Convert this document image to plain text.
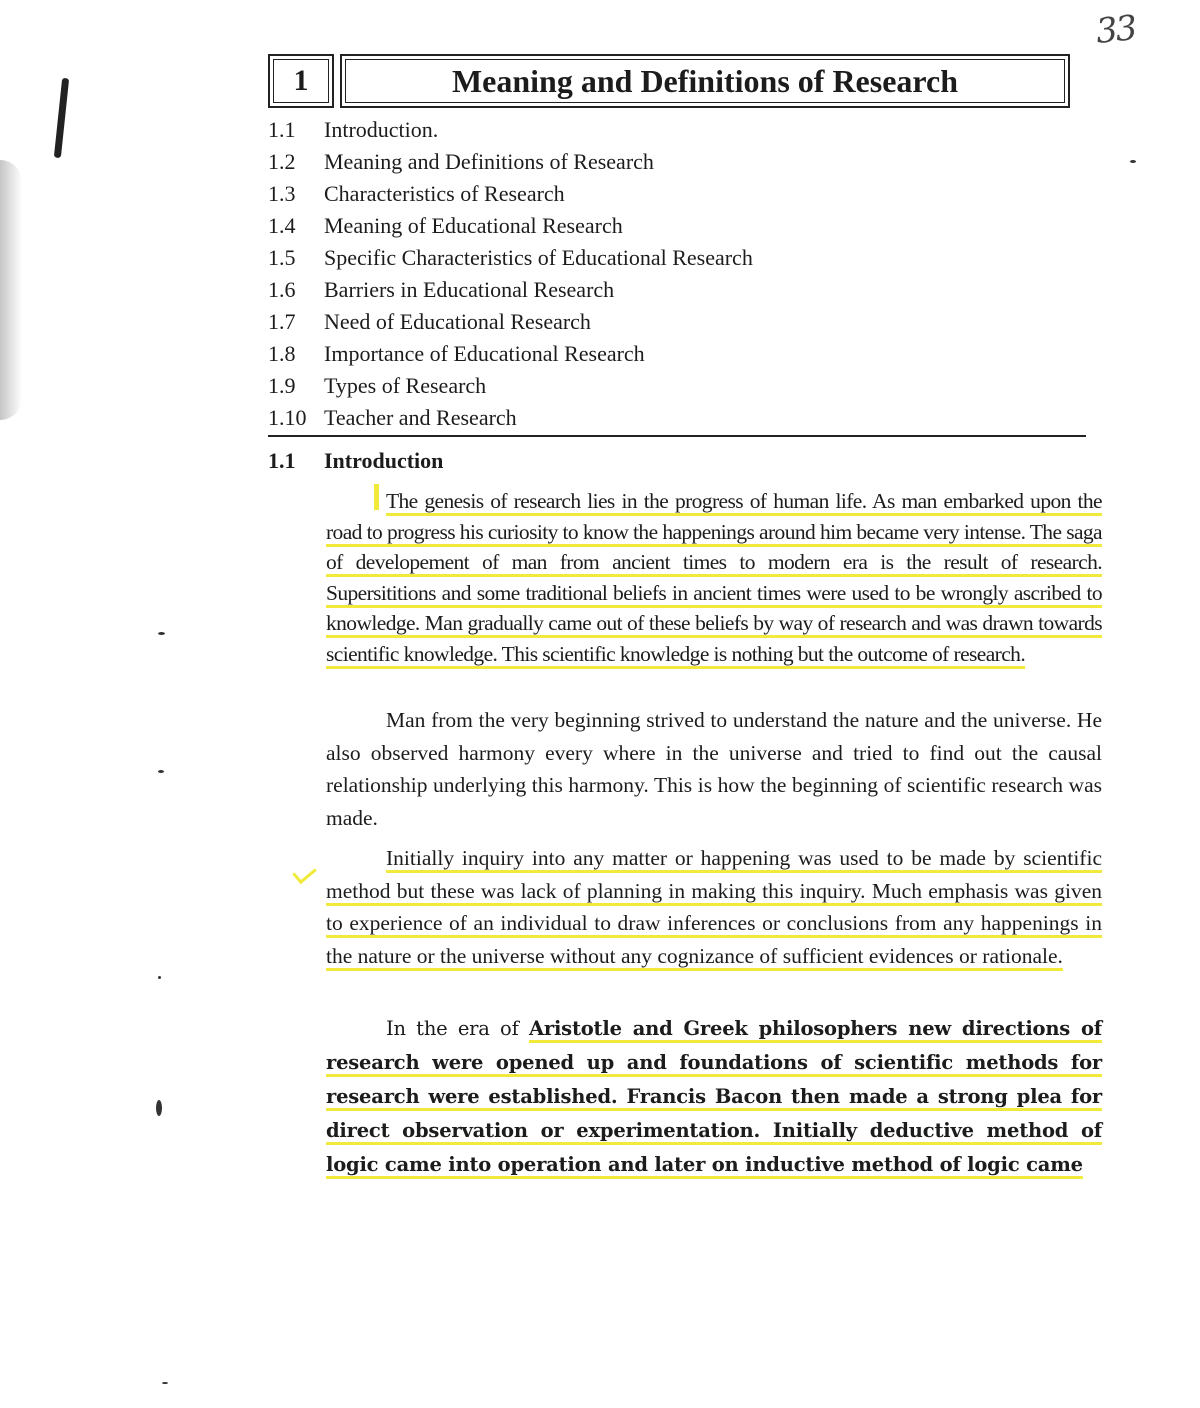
33
1	Meaning and Definitions of Research
1.1	Introduction.
1.2	Meaning and Definitions of Research
1.3	Characteristics of Research
1.4	Meaning of Educational Research
1.5	Specific Characteristics of Educational Research
1.6	Barriers in Educational Research
1.7	Need of Educational Research
1.8	Importance of Educational Research
1.9	Types of Research
1.10 Teacher and Research
1.1	Introduction

The genesis of research lies in the progress of human life. As man embarked upon the road to progress his curiosity to know the happenings around him became very intense. The saga of developement of man from ancient times to modern era is the result of research. Supersititions and some traditional beliefs in ancient times were used to be wrongly ascribed to knowledge. Man gradually came out of these beliefs by way of research and was drawn towards scientific knowledge. This scientific knowledge is nothing but the outcome of research.

Man from the very beginning strived to understand the nature and the universe. He also observed harmony every where in the universe and tried to find out the causal relationship underlying this harmony. This is how the beginning of scientific research was made.

Initially inquiry into any matter or happening was used to be made by scientific method but these was lack of planning in making this inquiry. Much emphasis was given to experience of an individual to draw inferences or conclusions from any happenings in the nature or the universe without any cognizance of sufficient evidences or rationale.

In the era of Aristotle and Greek philosophers new directions of research were opened up and foundations of scientific methods for research were established. Francis Bacon then made a strong plea for direct observation or experimentation. Initially deductive method of logic came into operation and later on inductive method of logic came
